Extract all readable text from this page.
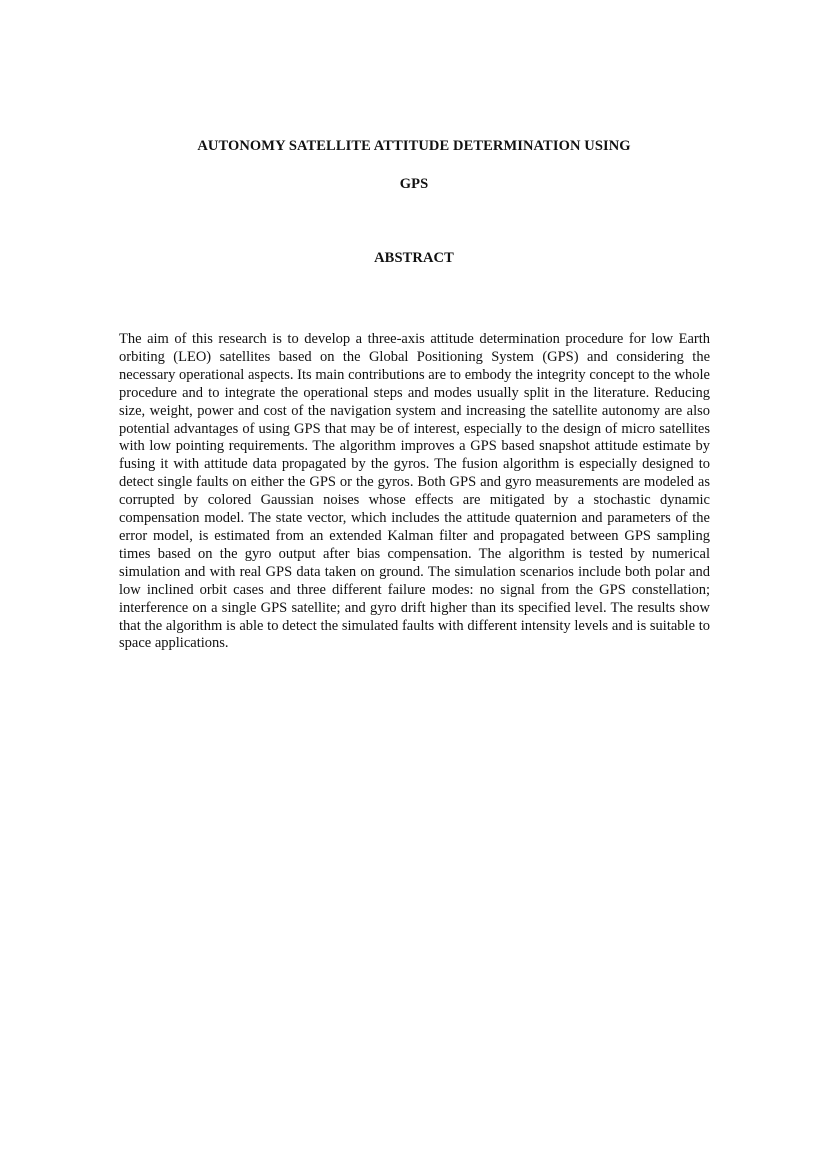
AUTONOMY SATELLITE ATTITUDE DETERMINATION USING
GPS
ABSTRACT

The aim of this research is to develop a three-axis attitude determination procedure for low Earth orbiting (LEO) satellites based on the Global Positioning System (GPS) and considering the necessary operational aspects. Its main contributions are to embody the integrity concept to the whole procedure and to integrate the operational steps and modes usually split in the literature. Reducing size, weight, power and cost of the navigation system and increasing the satellite autonomy are also potential advantages of using GPS that may be of interest, especially to the design of micro satellites with low pointing requirements. The algorithm improves a GPS based snapshot attitude estimate by fusing it with attitude data propagated by the gyros. The fusion algorithm is especially designed to detect single faults on either the GPS or the gyros. Both GPS and gyro measurements are modeled as corrupted by colored Gaussian noises whose effects are mitigated by a stochastic dynamic compensation model. The state vector, which includes the attitude quaternion and parameters of the error model, is estimated from an extended Kalman filter and propagated between GPS sampling times based on the gyro output after bias compensation. The algorithm is tested by numerical simulation and with real GPS data taken on ground. The simulation scenarios include both polar and low inclined orbit cases and three different failure modes: no signal from the GPS constellation; interference on a single GPS satellite; and gyro drift higher than its specified level. The results show that the algorithm is able to detect the simulated faults with different intensity levels and is suitable to space applications.
